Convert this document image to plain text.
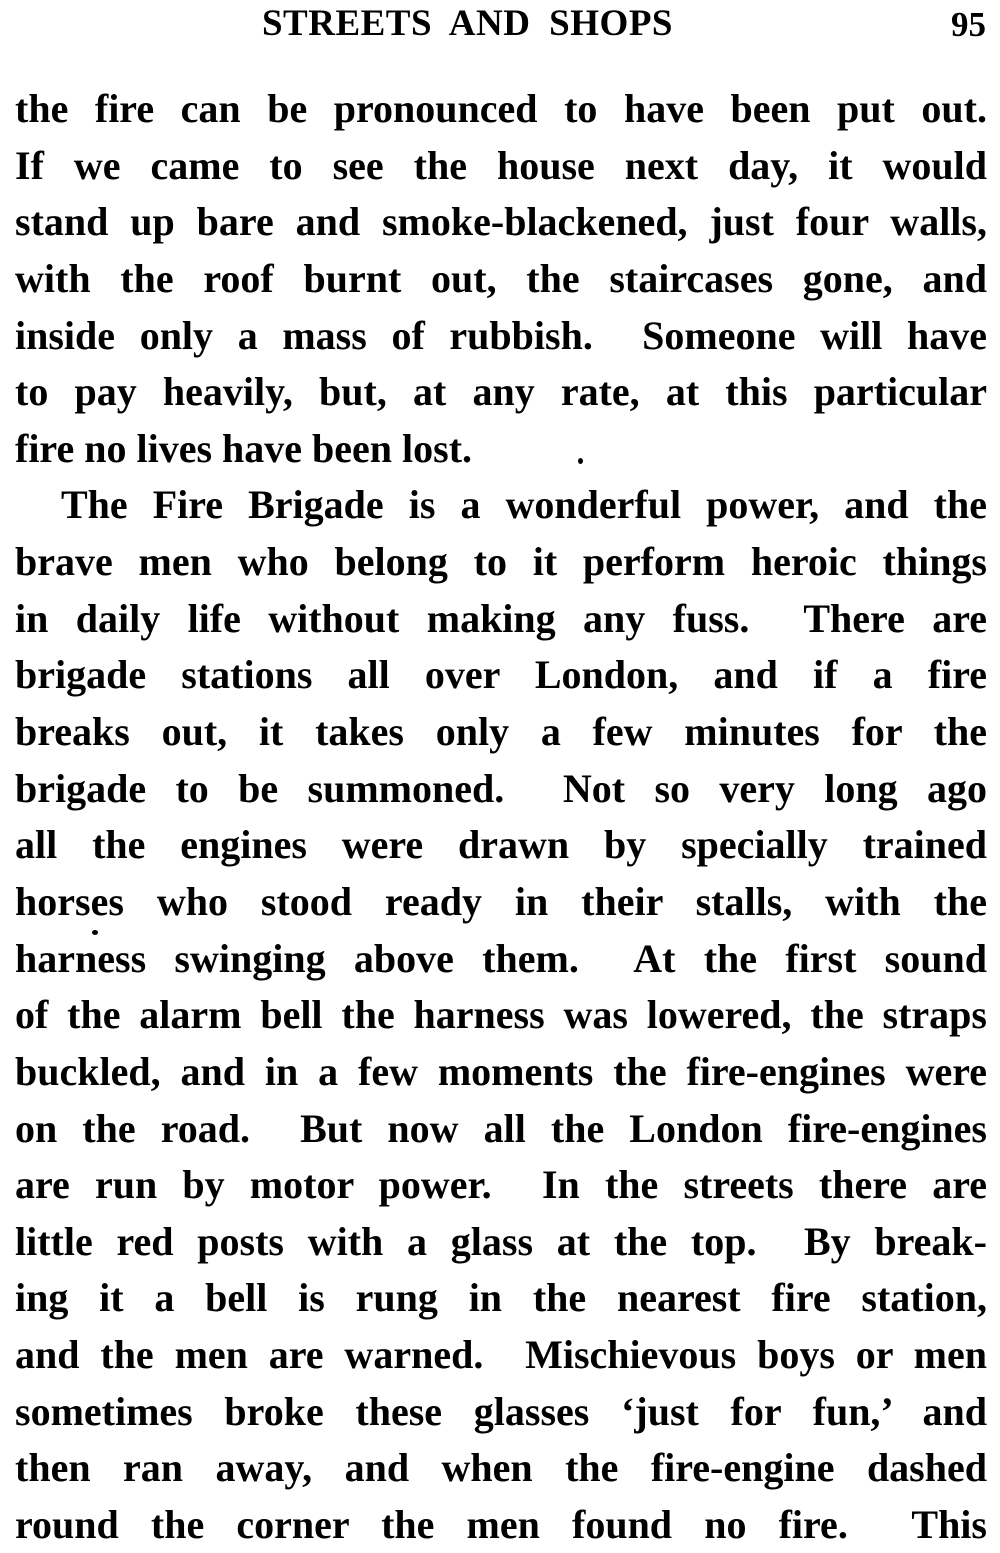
STREETS AND SHOPS	95
the fire can be pronounced to have been put out.
If we came to see the house next day, it would
stand up bare and smoke-blackened, just four walls,
with the roof burnt out, the staircases gone, and
inside only a mass of rubbish.  Someone will have
to pay heavily, but, at any rate, at this particular
fire no lives have been lost.
The Fire Brigade is a wonderful power, and the
brave men who belong to it perform heroic things
in daily life without making any fuss.  There are
brigade stations all over London, and if a fire
breaks out, it takes only a few minutes for the
brigade to be summoned.  Not so very long ago
all the engines were drawn by specially trained
horses who stood ready in their stalls, with the
harness swinging above them.  At the first sound
of the alarm bell the harness was lowered, the straps
buckled, and in a few moments the fire-engines were
on the road.  But now all the London fire-engines
are run by motor power.  In the streets there are
little red posts with a glass at the top.  By break-
ing it a bell is rung in the nearest fire station,
and the men are warned.  Mischievous boys or men
sometimes broke these glasses ‘just for fun,’ and
then ran away, and when the fire-engine dashed
round the corner the men found no fire.  This
